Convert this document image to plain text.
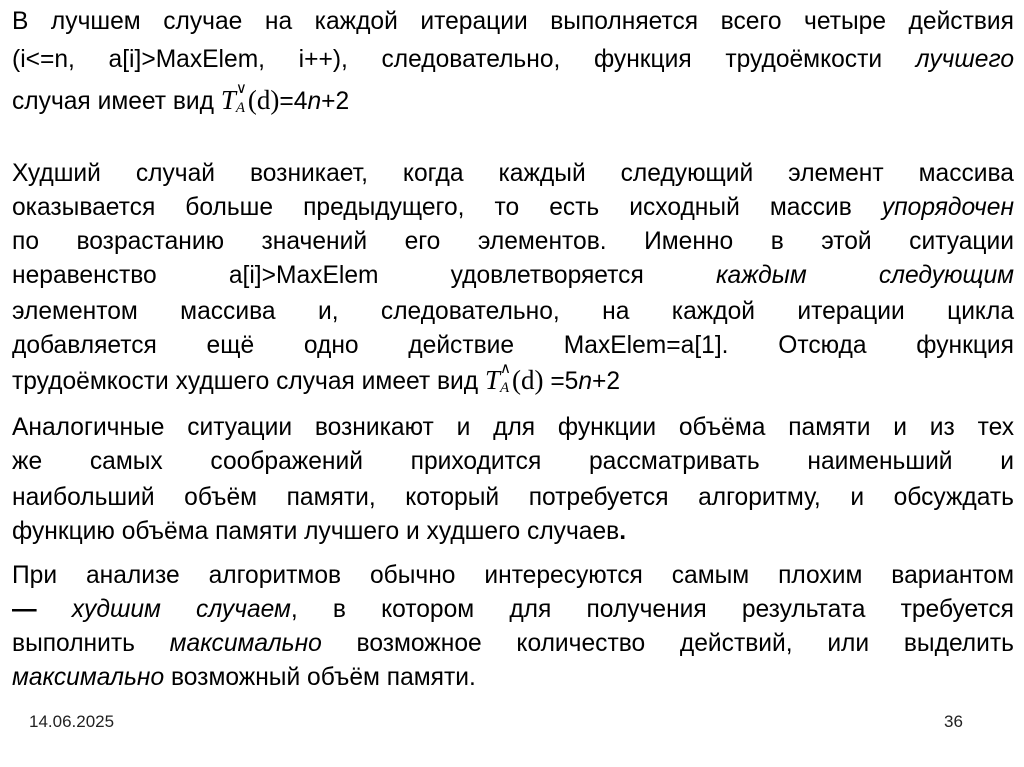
В лучшем случае на каждой итерации выполняется всего четыре действия
(i<=n, a[i]>MaxElem, i++), следовательно, функция трудоёмкости лучшего
случая имеет вид T ∨
A (d)=4n+2
Худший случай возникает, когда каждый следующий элемент массива
оказывается больше предыдущего, то есть исходный массив упорядочен
по возрастанию значений его элементов. Именно в этой ситуации
неравенство a[i]>MaxElem удовлетворяется	каждым следующим
элементом массива и, следовательно, на каждой итерации цикла
добавляется ещё одно действие MaxElem=a[1]. Отсюда функция
трудоёмкости худшего случая имеет вид T ∧
A (d) =5n+2
Аналогичные ситуации возникают и для функции объёма памяти и из тех
же самых соображений приходится рассматривать наименьший и
наибольший объём памяти, который потребуется алгоритму, и обсуждать
функцию объёма памяти лучшего и худшего случаев.
При анализе алгоритмов обычно интересуются самым плохим вариантом
— худшим случаем, в котором для получения результата требуется
выполнить максимально возможное количество действий, или выделить
максимально возможный объём памяти.
14.06.2025	36
